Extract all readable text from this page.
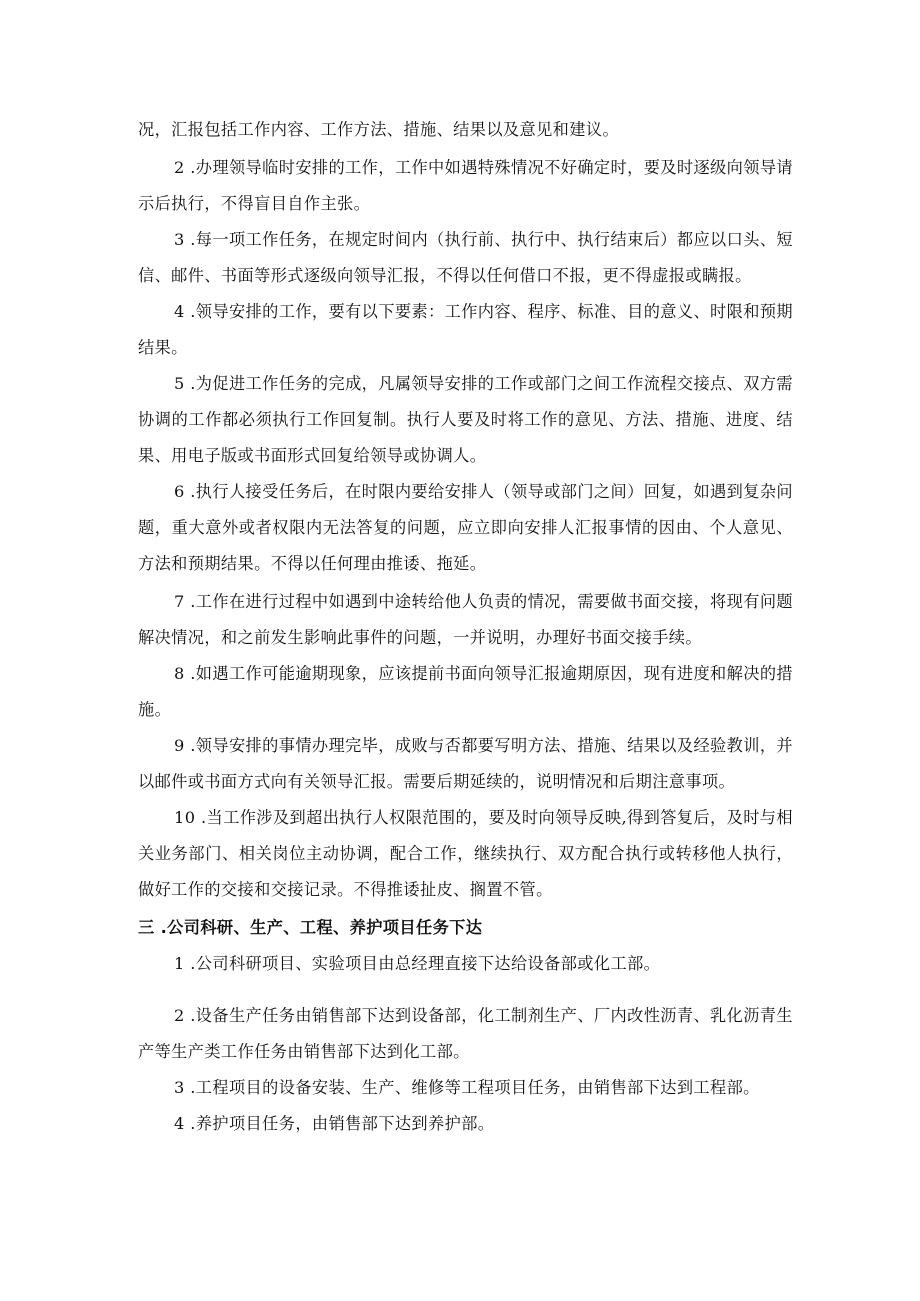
况，汇报包括工作内容、工作方法、措施、结果以及意见和建议。

2 .办理领导临时安排的工作，工作中如遇特殊情况不好确定时，要及时逐级向领导请示后执行，不得盲目自作主张。

3 .每一项工作任务，在规定时间内（执行前、执行中、执行结束后）都应以口头、短信、邮件、书面等形式逐级向领导汇报，不得以任何借口不报，更不得虚报或瞒报。

4 .领导安排的工作，要有以下要素：工作内容、程序、标准、目的意义、时限和预期结果。

5 .为促进工作任务的完成，凡属领导安排的工作或部门之间工作流程交接点、双方需协调的工作都必须执行工作回复制。执行人要及时将工作的意见、方法、措施、进度、结果、用电子版或书面形式回复给领导或协调人。

6 .执行人接受任务后，在时限内要给安排人（领导或部门之间）回复，如遇到复杂问题，重大意外或者权限内无法答复的问题，应立即向安排人汇报事情的因由、个人意见、方法和预期结果。不得以任何理由推诿、拖延。

7 .工作在进行过程中如遇到中途转给他人负责的情况，需要做书面交接，将现有问题解决情况，和之前发生影响此事件的问题，一并说明，办理好书面交接手续。

8 .如遇工作可能逾期现象，应该提前书面向领导汇报逾期原因，现有进度和解决的措施。

9 .领导安排的事情办理完毕，成败与否都要写明方法、措施、结果以及经验教训，并以邮件或书面方式向有关领导汇报。需要后期延续的，说明情况和后期注意事项。

10 .当工作涉及到超出执行人权限范围的，要及时向领导反映,得到答复后，及时与相关业务部门、相关岗位主动协调，配合工作，继续执行、双方配合执行或转移他人执行，做好工作的交接和交接记录。不得推诿扯皮、搁置不管。

三 .公司科研、生产、工程、养护项目任务下达

1 .公司科研项目、实验项目由总经理直接下达给设备部或化工部。

2 .设备生产任务由销售部下达到设备部，化工制剂生产、厂内改性沥青、乳化沥青生产等生产类工作任务由销售部下达到化工部。

3 .工程项目的设备安装、生产、维修等工程项目任务，由销售部下达到工程部。

4 .养护项目任务，由销售部下达到养护部。
